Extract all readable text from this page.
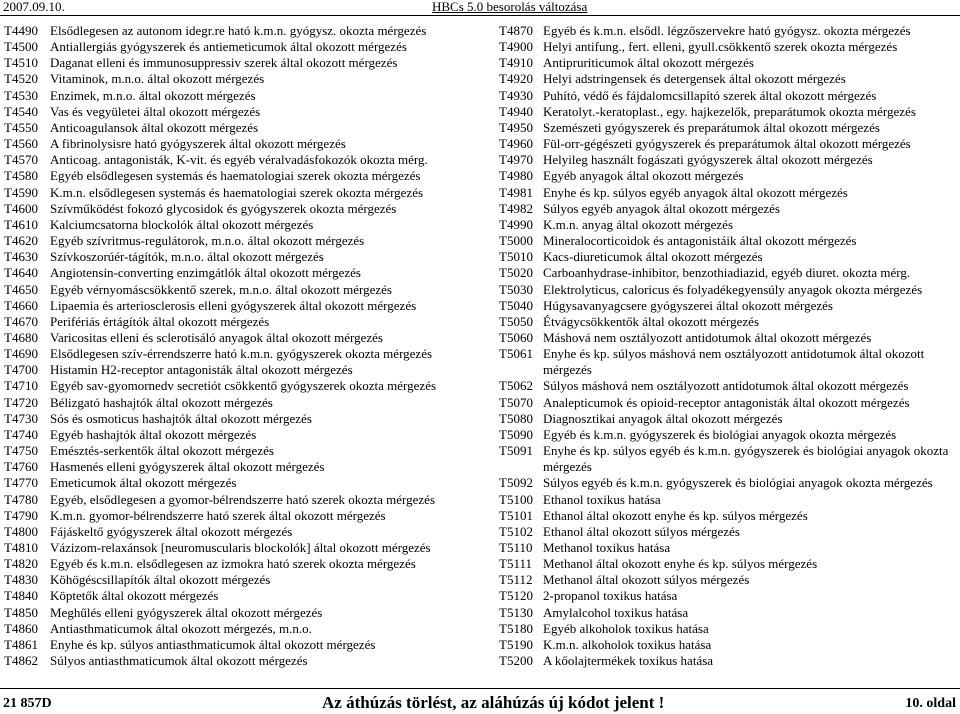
2007.09.10.	HBCs 5.0 besorolás változása
T4490 Elsődlegesen az autonom idegr.re ható k.m.n. gyógysz. okozta mérgezés
T4500 Antiallergiás gyógyszerek és antiemeticumok által okozott mérgezés
T4510 Daganat elleni és immunosuppressiv szerek által okozott mérgezés
T4520 Vitaminok, m.n.o. által okozott mérgezés
T4530 Enzimek, m.n.o. által okozott mérgezés
T4540 Vas és vegyületei által okozott mérgezés
T4550 Anticoagulansok által okozott mérgezés
T4560 A fibrinolysisre ható gyógyszerek által okozott mérgezés
T4570 Anticoag. antagonisták, K-vit. és egyéb véralvadásfokozók okozta mérg.
T4580 Egyéb elsődlegesen systemás és haematologiai szerek okozta mérgezés
T4590 K.m.n. elsődlegesen systemás és haematologiai szerek okozta mérgezés
T4600 Szívműködést fokozó glycosidok és gyógyszerek okozta mérgezés
T4610 Kalciumcsatorna blockolók által okozott mérgezés
T4620 Egyéb szívritmus-regulátorok, m.n.o. által okozott mérgezés
T4630 Szívkoszorúér-tágítók, m.n.o. által okozott mérgezés
T4640 Angiotensin-converting enzimgátlók által okozott mérgezés
T4650 Egyéb vérnyomáscsökkentő szerek, m.n.o. által okozott mérgezés
T4660 Lipaemia és arteriosclerosis elleni gyógyszerek által okozott mérgezés
T4670 Perifériás értágítók által okozott mérgezés
T4680 Varicositas elleni és sclerotisáló anyagok által okozott mérgezés
T4690 Elsődlegesen szív-érrendszerre ható k.m.n. gyógyszerek okozta mérgezés
T4700 Histamin H2-receptor antagonisták által okozott mérgezés
T4710 Egyéb sav-gyomornedv secretiót csökkentő gyógyszerek okozta mérgezés
T4720 Bélizgató hashajtók által okozott mérgezés
T4730 Sós és osmoticus hashajtók által okozott mérgezés
T4740 Egyéb hashajtók által okozott mérgezés
T4750 Emésztés-serkentők által okozott mérgezés
T4760 Hasmenés elleni gyógyszerek által okozott mérgezés
T4770 Emeticumok által okozott mérgezés
T4780 Egyéb, elsődlegesen a gyomor-bélrendszerre ható szerek okozta mérgezés
T4790 K.m.n. gyomor-bélrendszerre ható szerek által okozott mérgezés
T4800 Fájáskeltő gyógyszerek által okozott mérgezés
T4810 Vázizom-relaxánsok [neuromuscularis blockolók] által okozott mérgezés
T4820 Egyéb és k.m.n. elsődlegesen az izmokra ható szerek okozta mérgezés
T4830 Köhögéscsillapítók által okozott mérgezés
T4840 Köptetők által okozott mérgezés
T4850 Meghűlés elleni gyógyszerek által okozott mérgezés
T4860 Antiasthmaticumok által okozott mérgezés, m.n.o.
T4861 Enyhe és kp. súlyos antiasthmaticumok által okozott mérgezés
T4862 Súlyos antiasthmaticumok által okozott mérgezés
T4870 Egyéb és k.m.n. elsődl. légzőszervekre ható gyógysz. okozta mérgezés
T4900 Helyi antifung., fert. elleni, gyull.csökkentő szerek okozta mérgezés
T4910 Antipruriticumok által okozott mérgezés
T4920 Helyi adstringensek és detergensek által okozott mérgezés
T4930 Puhító, védő és fájdalomcsillapító szerek által okozott mérgezés
T4940 Keratolyt.-keratoplast., egy. hajkezelők, preparátumok okozta mérgezés
T4950 Szemészeti gyógyszerek és preparátumok által okozott mérgezés
T4960 Fül-orr-gégészeti gyógyszerek és preparátumok által okozott mérgezés
T4970 Helyileg használt fogászati gyógyszerek által okozott mérgezés
T4980 Egyéb anyagok által okozott mérgezés
T4981 Enyhe és kp. súlyos egyéb anyagok által okozott mérgezés
T4982 Súlyos egyéb anyagok által okozott mérgezés
T4990 K.m.n. anyag által okozott mérgezés
T5000 Mineralocorticoidok és antagonistáik által okozott mérgezés
T5010 Kacs-diureticumok által okozott mérgezés
T5020 Carboanhydrase-inhibitor, benzothiadiazid, egyéb diuret. okozta mérg.
T5030 Elektrolyticus, caloricus és folyadékegyensúly anyagok okozta mérgezés
T5040 Húgysavanyagcsere gyógyszerei által okozott mérgezés
T5050 Étvágycsökkentők által okozott mérgezés
T5060 Máshová nem osztályozott antidotumok által okozott mérgezés
T5061 Enyhe és kp. súlyos máshová nem osztályozott antidotumok által okozott mérgezés
T5062 Súlyos máshová nem osztályozott antidotumok által okozott mérgezés
T5070 Analepticumok és opioid-receptor antagonisták által okozott mérgezés
T5080 Diagnosztikai anyagok által okozott mérgezés
T5090 Egyéb és k.m.n. gyógyszerek és biológiai anyagok okozta mérgezés
T5091 Enyhe és kp. súlyos egyéb és k.m.n. gyógyszerek és biológiai anyagok okozta mérgezés
T5092 Súlyos egyéb és k.m.n. gyógyszerek és biológiai anyagok okozta mérgezés
T5100 Ethanol toxikus hatása
T5101 Ethanol által okozott enyhe és kp. súlyos mérgezés
T5102 Ethanol által okozott súlyos mérgezés
T5110 Methanol toxikus hatása
T5111 Methanol által okozott enyhe és kp. súlyos mérgezés
T5112 Methanol által okozott súlyos mérgezés
T5120 2-propanol toxikus hatása
T5130 Amylalcohol toxikus hatása
T5180 Egyéb alkoholok toxikus hatása
T5190 K.m.n. alkoholok toxikus hatása
T5200 A kőolajtermékek toxikus hatása
21 857D	Az áthúzás törlést, az aláhúzás új kódot jelent !	10. oldal
